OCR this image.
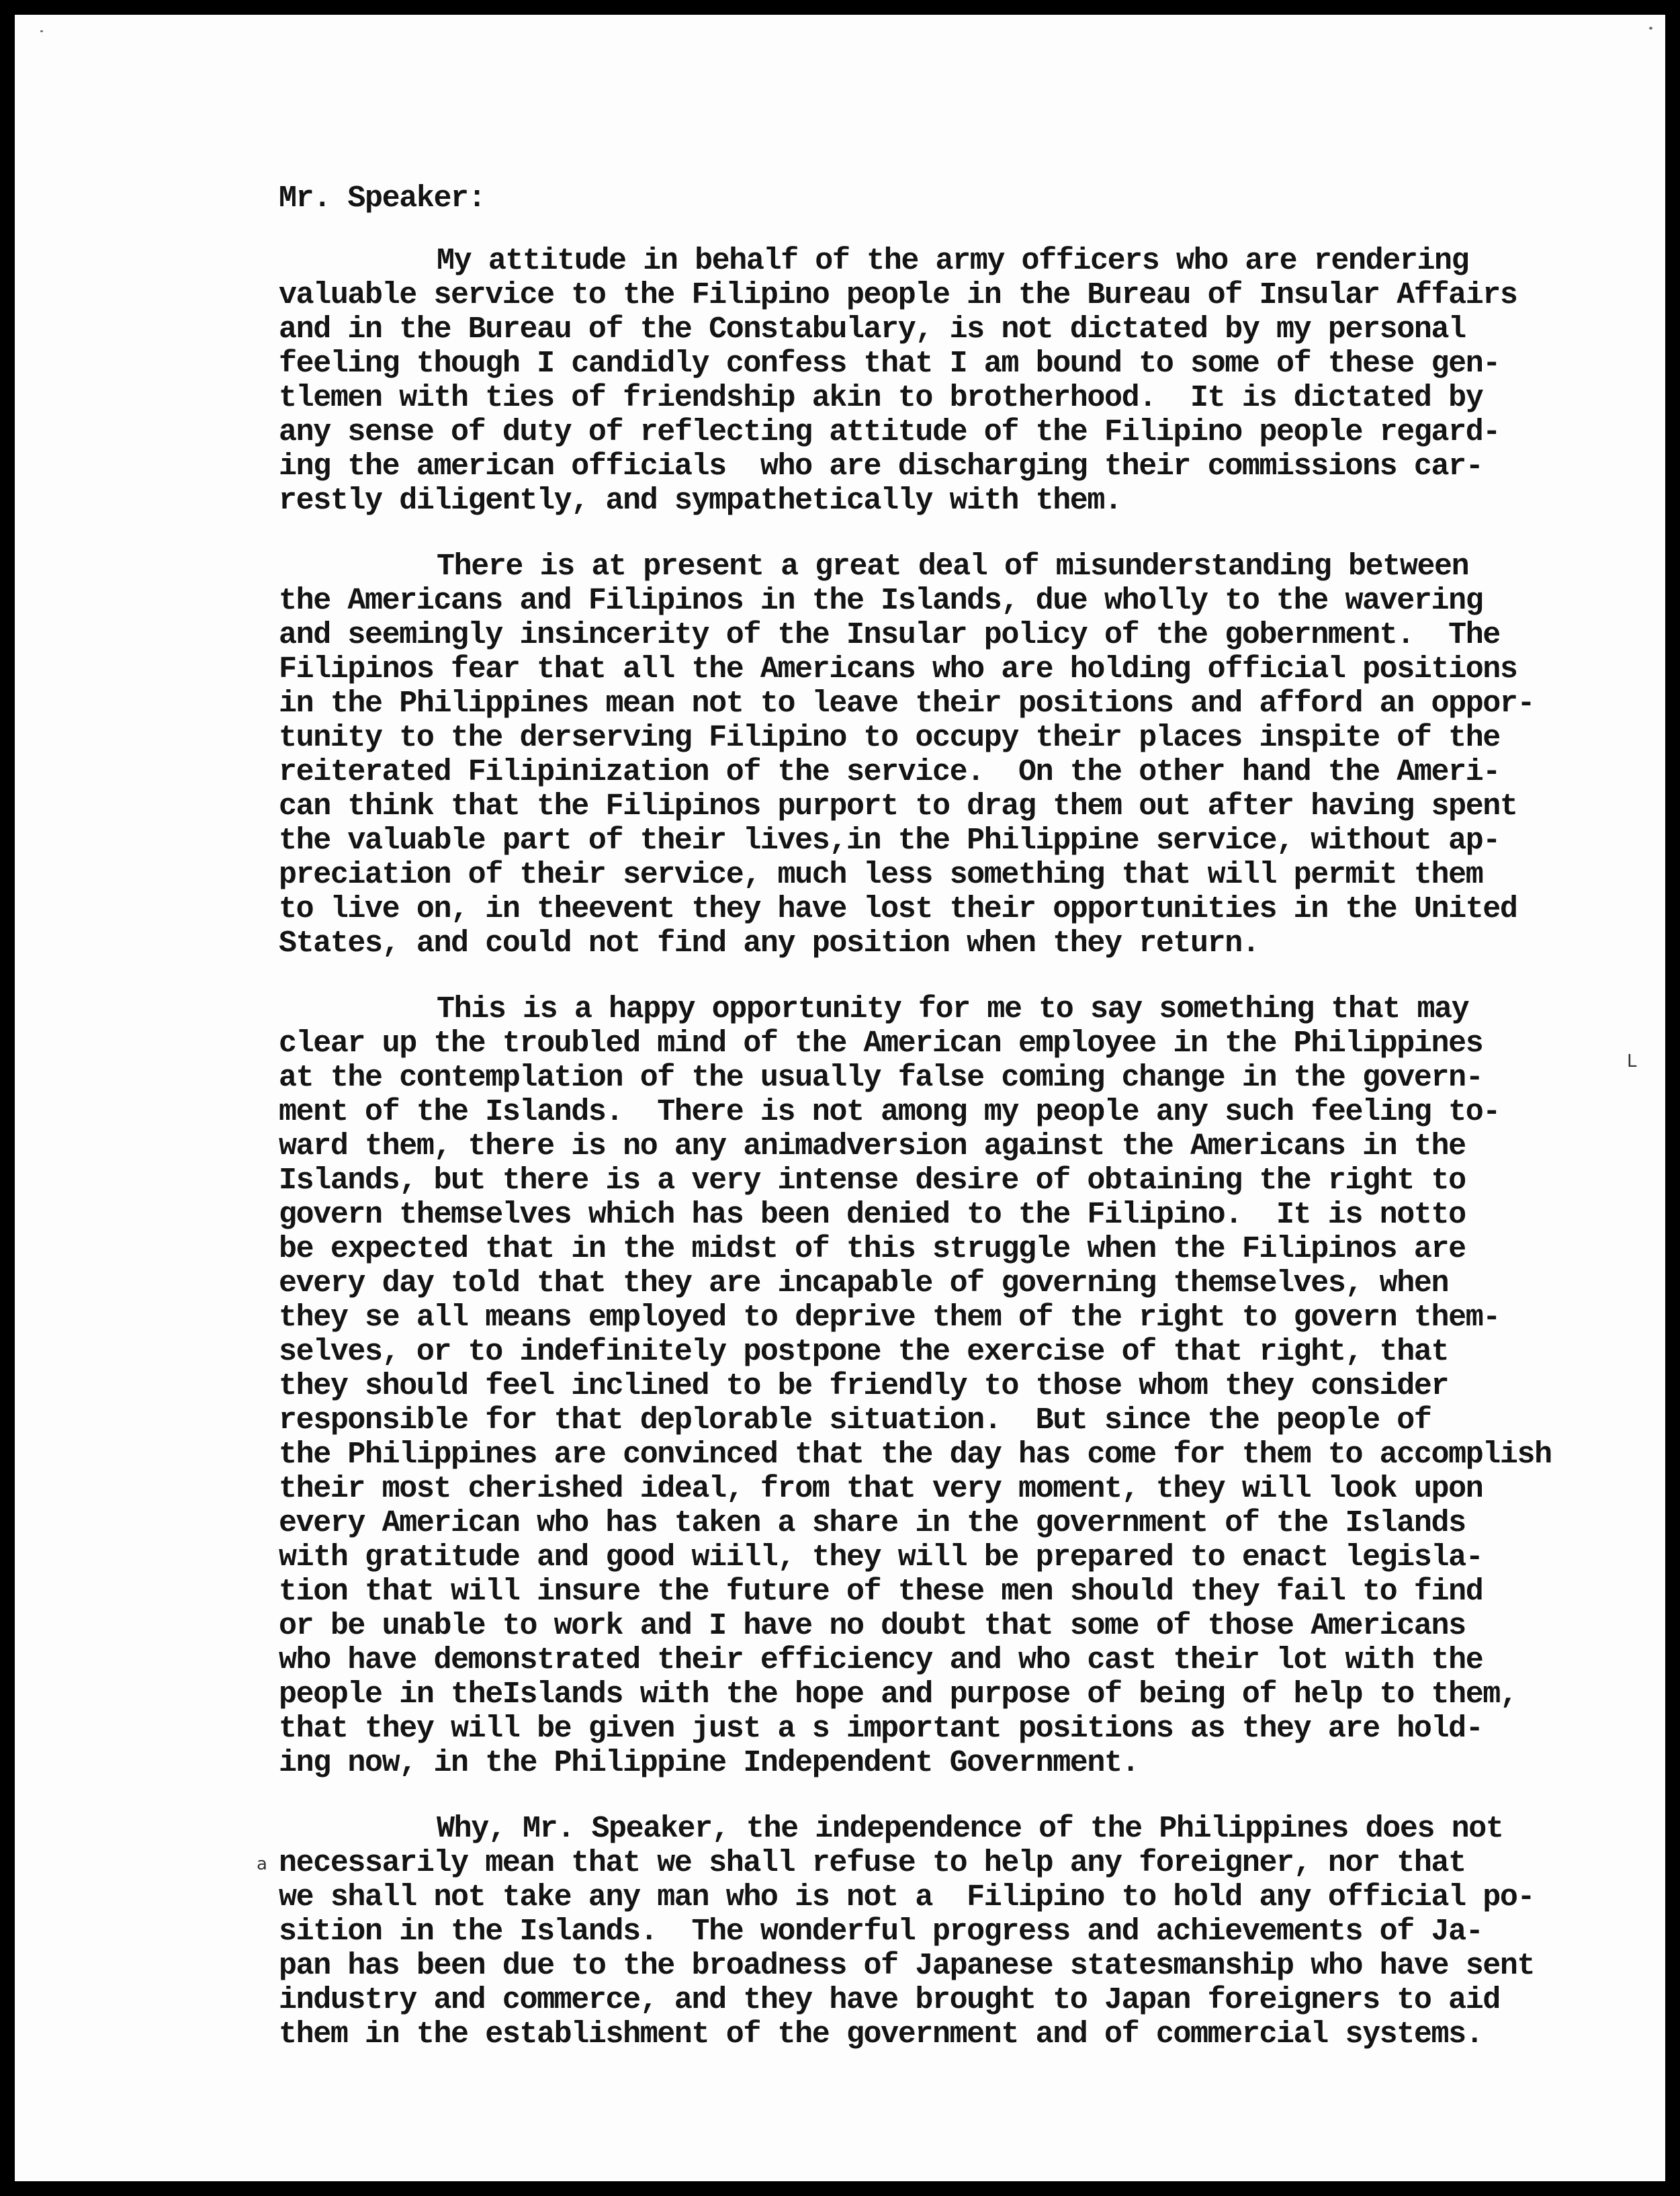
Mr. Speaker:
My attitude in behalf of the army officers who are rendering
valuable service to the Filipino people in the Bureau of Insular Affairs
and in the Bureau of the Constabulary, is not dictated by my personal
feeling though I candidly confess that I am bound to some of these gen-
tlemen with ties of friendship akin to brotherhood.  It is dictated by
any sense of duty of reflecting attitude of the Filipino people regard-
ing the american officials  who are discharging their commissions car-
restly diligently, and sympathetically with them.
There is at present a great deal of misunderstanding between
the Americans and Filipinos in the Islands, due wholly to the wavering
and seemingly insincerity of the Insular policy of the gobernment.  The
Filipinos fear that all the Americans who are holding official positions
in the Philippines mean not to leave their positions and afford an oppor-
tunity to the derserving Filipino to occupy their places inspite of the
reiterated Filipinization of the service.  On the other hand the Ameri-
can think that the Filipinos purport to drag them out after having spent
the valuable part of their lives,in the Philippine service, without ap-
preciation of their service, much less something that will permit them
to live on, in theevent they have lost their opportunities in the United
States, and could not find any position when they return.
This is a happy opportunity for me to say something that may
clear up the troubled mind of the American employee in the Philippines
at the contemplation of the usually false coming change in the govern-
ment of the Islands.  There is not among my people any such feeling to-
ward them, there is no any animadversion against the Americans in the
Islands, but there is a very intense desire of obtaining the right to
govern themselves which has been denied to the Filipino.  It is notto
be expected that in the midst of this struggle when the Filipinos are
every day told that they are incapable of governing themselves, when
they se all means employed to deprive them of the right to govern them-
selves, or to indefinitely postpone the exercise of that right, that
they should feel inclined to be friendly to those whom they consider
responsible for that deplorable situation.  But since the people of
the Philippines are convinced that the day has come for them to accomplish
their most cherished ideal, from that very moment, they will look upon
every American who has taken a share in the government of the Islands
with gratitude and good wiill, they will be prepared to enact legisla-
tion that will insure the future of these men should they fail to find
or be unable to work and I have no doubt that some of those Americans
who have demonstrated their efficiency and who cast their lot with the
people in theIslands with the hope and purpose of being of help to them,
that they will be given just a s important positions as they are hold-
ing now, in the Philippine Independent Government.
Why, Mr. Speaker, the independence of the Philippines does not
necessarily mean that we shall refuse to help any foreigner, nor that
we shall not take any man who is not a  Filipino to hold any official po-
sition in the Islands.  The wonderful progress and achievements of Ja-
pan has been due to the broadness of Japanese statesmanship who have sent
industry and commerce, and they have brought to Japan foreigners to aid
them in the establishment of the government and of commercial systems.
L
a
